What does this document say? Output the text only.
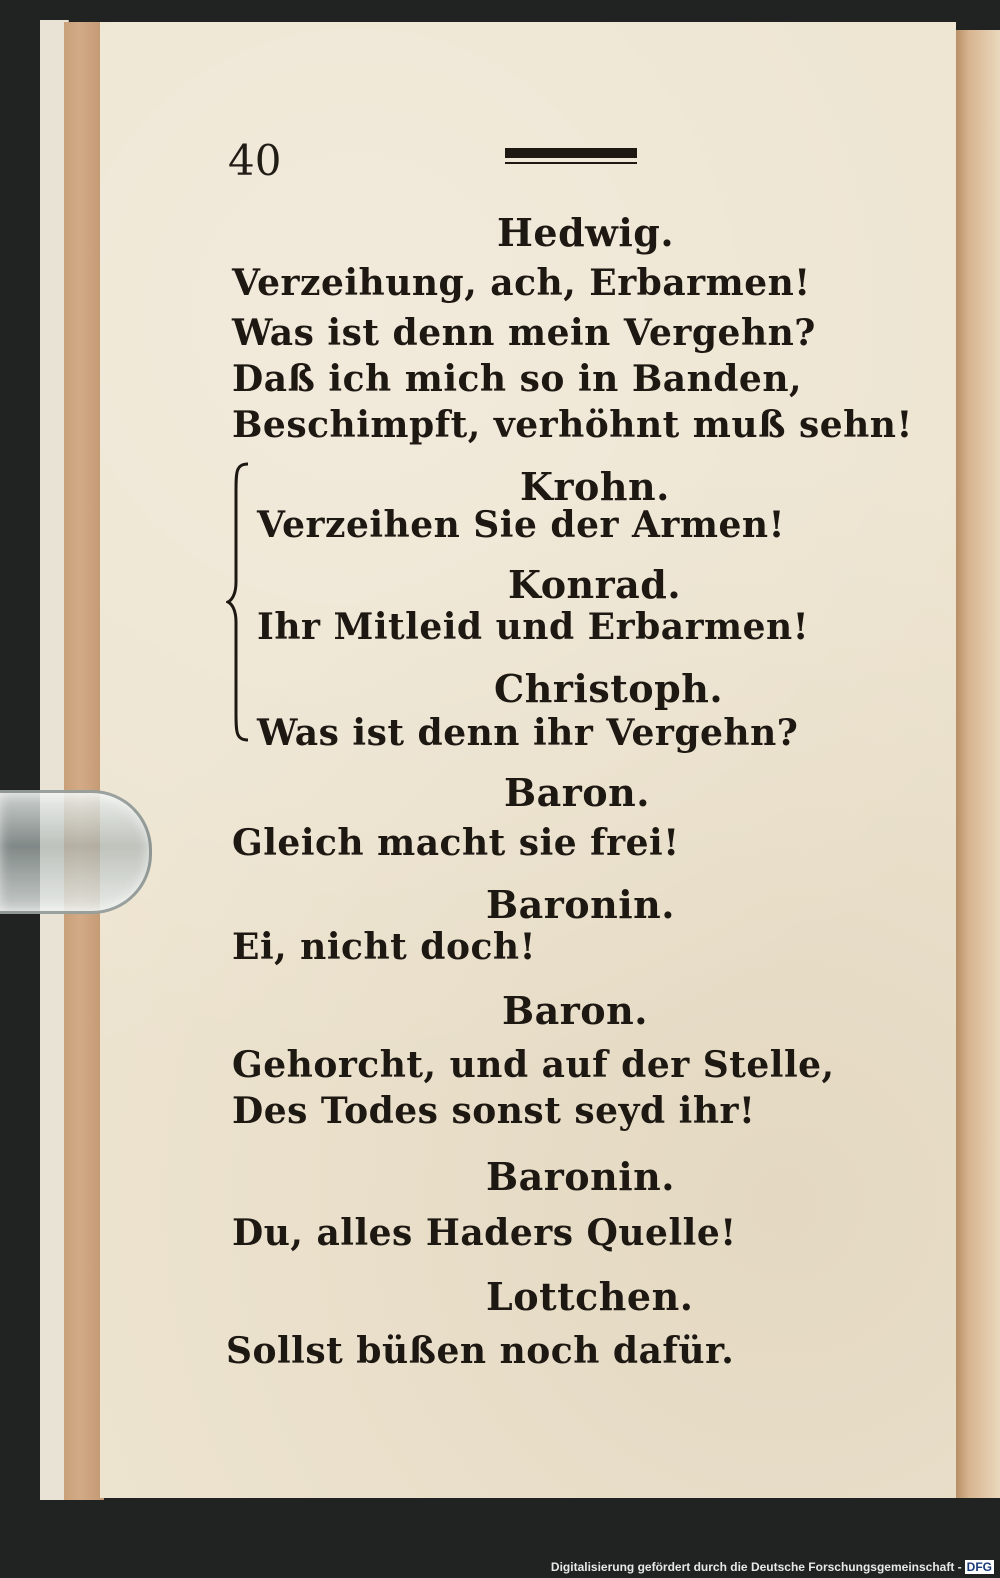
40
Hedwig.
Verzeihung, ach, Erbarmen!
Was ist denn mein Vergehn?
Daß ich mich so in Banden,
Beschimpft, verhöhnt muß sehn!
Krohn.
Verzeihen Sie der Armen!
Konrad.
Ihr Mitleid und Erbarmen!
Christoph.
Was ist denn ihr Vergehn?
Baron.
Gleich macht sie frei!
Baronin.
Ei, nicht doch!
Baron.
Gehorcht, und auf der Stelle,
Des Todes sonst seyd ihr!
Baronin.
Du, alles Haders Quelle!
Lottchen.
Sollst büßen noch dafür.
Digitalisierung gefördert durch die Deutsche Forschungsgemeinschaft - DFG
